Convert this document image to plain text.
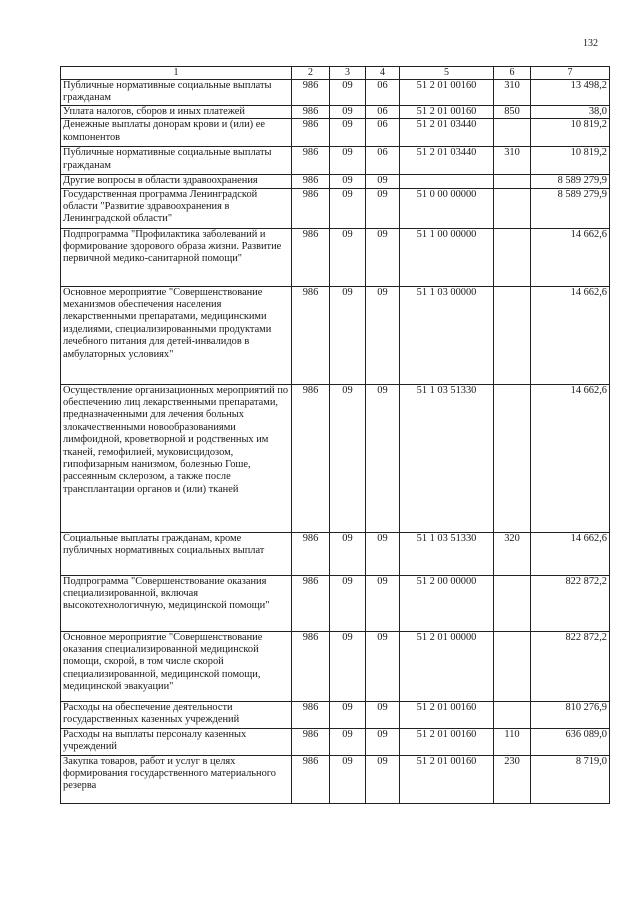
132
1	2	3	4	5	6	7
Публичные нормативные социальные выплаты гражданам	986	09	06	51 2 01 00160	310	13 498,2
Уплата налогов, сборов и иных платежей	986	09	06	51 2 01 00160	850	38,0
Денежные выплаты донорам крови и (или) ее компонентов	986	09	06	51 2 01 03440		10 819,2
Публичные нормативные социальные выплаты гражданам	986	09	06	51 2 01 03440	310	10 819,2
Другие вопросы в области здравоохранения	986	09	09			8 589 279,9
Государственная программа Ленинградской области "Развитие здравоохранения в Ленинградской области"	986	09	09	51 0 00 00000		8 589 279,9
Подпрограмма "Профилактика заболеваний и формирование здорового образа жизни. Развитие первичной медико-санитарной помощи"	986	09	09	51 1 00 00000		14 662,6
Основное мероприятие "Совершенствование механизмов обеспечения населения лекарственными препаратами, медицинскими изделиями, специализированными продуктами лечебного питания для детей-инвалидов в амбулаторных условиях"	986	09	09	51 1 03 00000		14 662,6
Осуществление организационных мероприятий по обеспечению лиц лекарственными препаратами, предназначенными для лечения больных злокачественными новообразованиями лимфоидной, кроветворной и родственных им тканей, гемофилией, муковисцидозом, гипофизарным нанизмом, болезнью Гоше, рассеянным склерозом, а также после трансплантации органов и (или) тканей	986	09	09	51 1 03 51330		14 662,6
Социальные выплаты гражданам, кроме публичных нормативных социальных выплат	986	09	09	51 1 03 51330	320	14 662,6
Подпрограмма "Совершенствование оказания специализированной, включая высокотехнологичную, медицинской помощи"	986	09	09	51 2 00 00000		822 872,2
Основное мероприятие "Совершенствование оказания специализированной медицинской помощи, скорой, в том числе скорой специализированной, медицинской помощи, медицинской эвакуации"	986	09	09	51 2 01 00000		822 872,2
Расходы на обеспечение деятельности государственных казенных учреждений	986	09	09	51 2 01 00160		810 276,9
Расходы на выплаты персоналу казенных учреждений	986	09	09	51 2 01 00160	110	636 089,0
Закупка товаров, работ и услуг в целях формирования государственного материального резерва	986	09	09	51 2 01 00160	230	8 719,0
